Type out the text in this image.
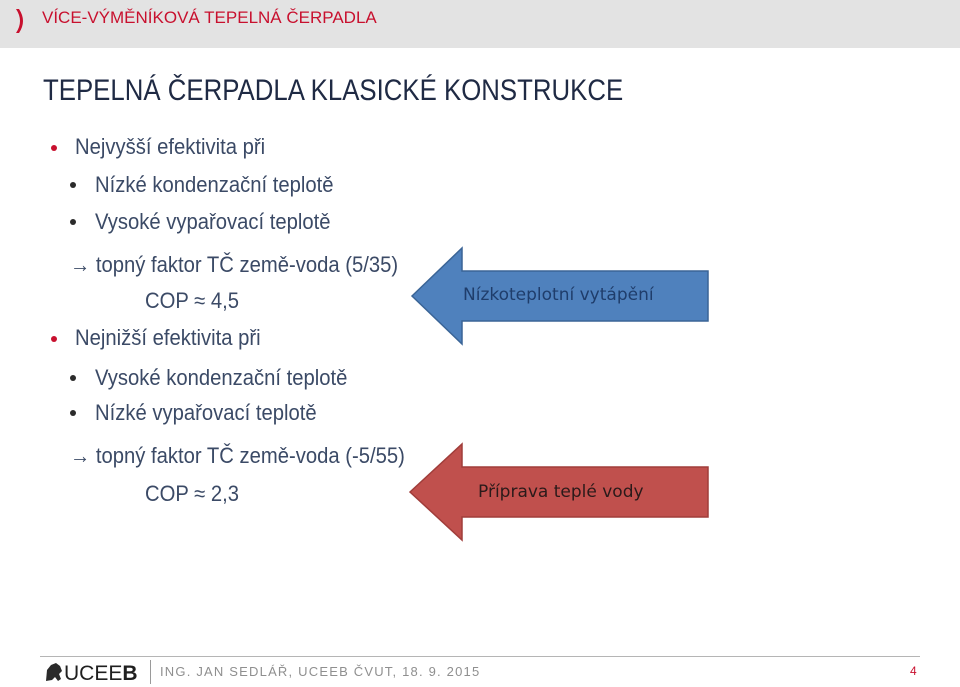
VÍCE-VÝMĚNÍKOVÁ TEPELNÁ ČERPADLA
TEPELNÁ ČERPADLA KLASICKÉ KONSTRUKCE
Nejvyšší efektivita při
Nízké kondenzační teplotě
Vysoké vypařovací teplotě
→ topný faktor TČ země-voda (5/35)
COP ≈ 4,5
Nejnižší efektivita při
Vysoké kondenzační teplotě
Nízké vypařovací teplotě
→ topný faktor TČ země-voda (-5/55)
COP ≈ 2,3
Nízkoteplotní vytápění
Příprava teplé vody
UCEEB ING. JAN SEDLÁŘ, UCEEB ČVUT, 18. 9. 2015	4
